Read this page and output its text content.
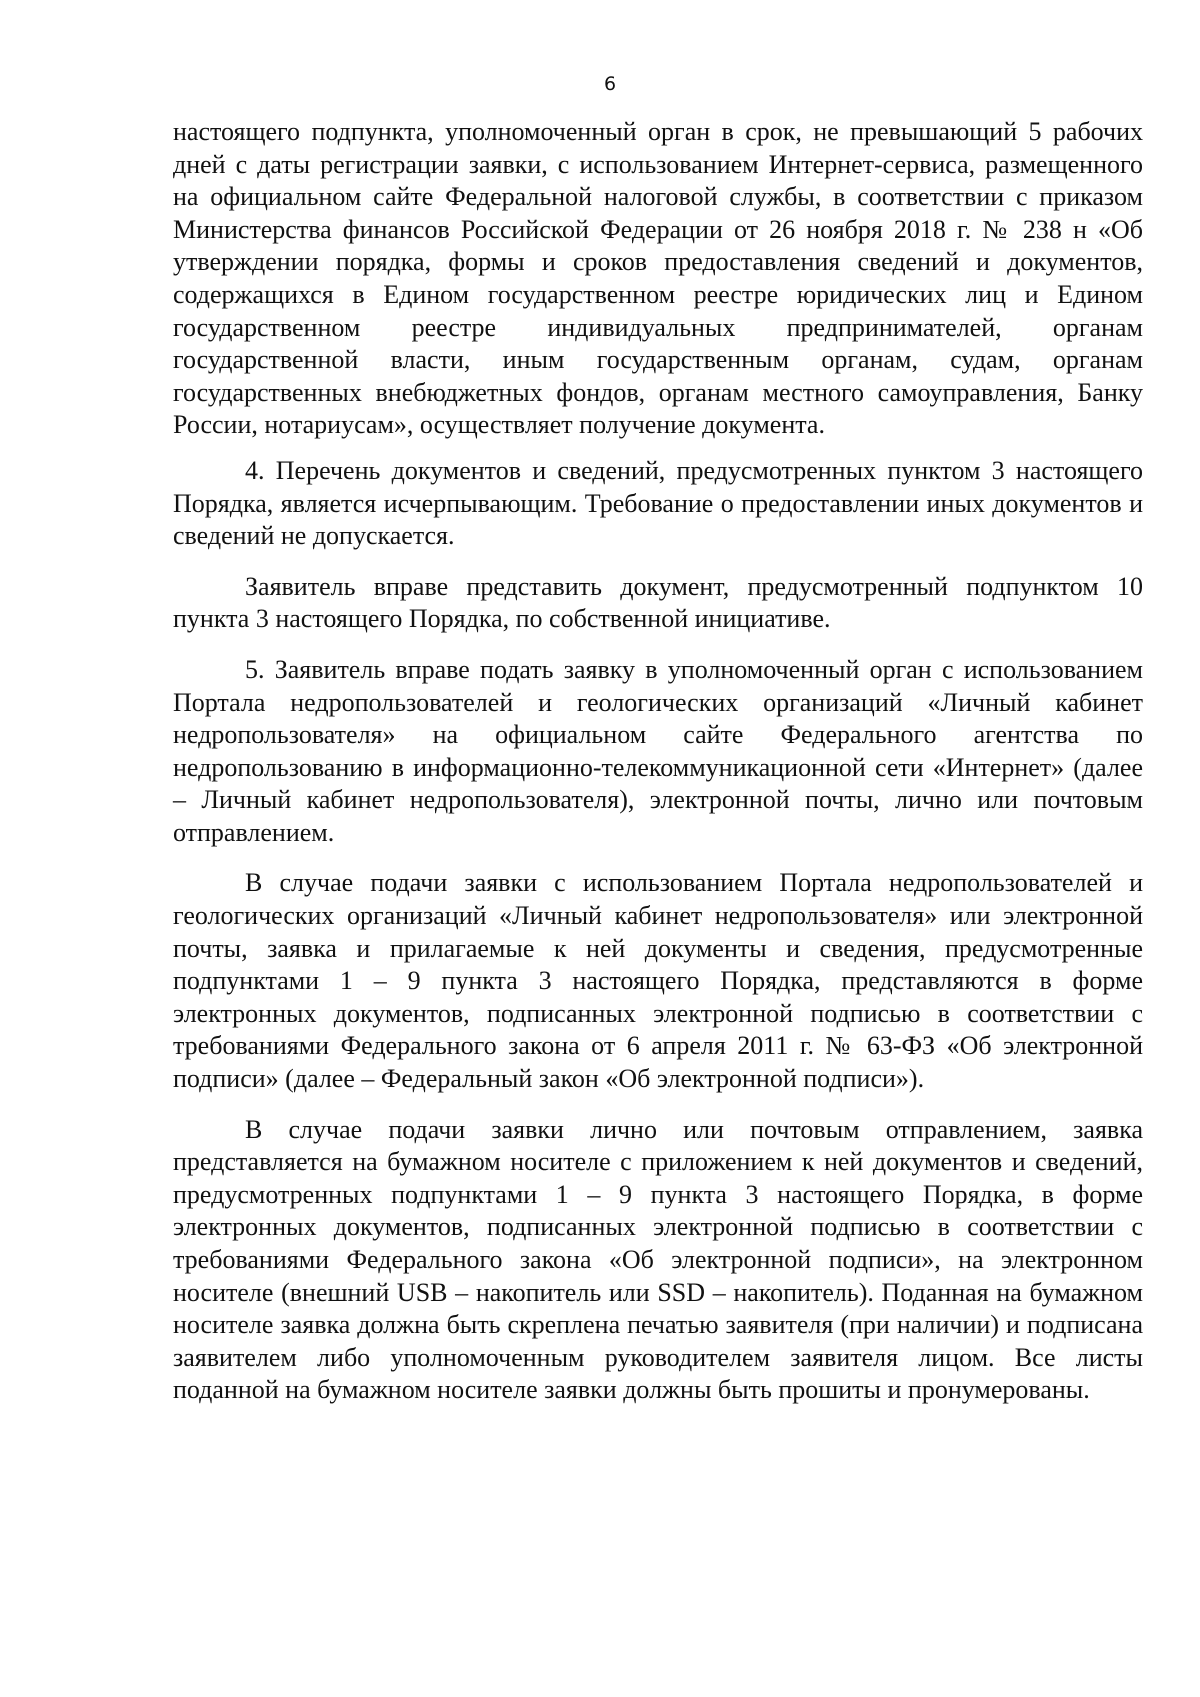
6

настоящего подпункта, уполномоченный орган в срок, не превышающий 5 рабочих дней с даты регистрации заявки, с использованием Интернет-сервиса, размещенного на официальном сайте Федеральной налоговой службы, в соответствии с приказом Министерства финансов Российской Федерации от 26 ноября 2018 г. № 238 н «Об утверждении порядка, формы и сроков предоставления сведений и документов, содержащихся в Едином государственном реестре юридических лиц и Едином государственном реестре индивидуальных предпринимателей, органам государственной власти, иным государственным органам, судам, органам государственных внебюджетных фондов, органам местного самоуправления, Банку России, нотариусам», осуществляет получение документа.

4. Перечень документов и сведений, предусмотренных пунктом 3 настоящего Порядка, является исчерпывающим. Требование о предоставлении иных документов и сведений не допускается.

Заявитель вправе представить документ, предусмотренный подпунктом 10 пункта 3 настоящего Порядка, по собственной инициативе.

5. Заявитель вправе подать заявку в уполномоченный орган с использованием Портала недропользователей и геологических организаций «Личный кабинет недропользователя» на официальном сайте Федерального агентства по недропользованию в информационно-телекоммуникационной сети «Интернет» (далее – Личный кабинет недропользователя), электронной почты, лично или почтовым отправлением.

В случае подачи заявки с использованием Портала недропользователей и геологических организаций «Личный кабинет недропользователя» или электронной почты, заявка и прилагаемые к ней документы и сведения, предусмотренные подпунктами 1 – 9 пункта 3 настоящего Порядка, представляются в форме электронных документов, подписанных электронной подписью в соответствии с требованиями Федерального закона от 6 апреля 2011 г. № 63-ФЗ «Об электронной подписи» (далее – Федеральный закон «Об электронной подписи»).

В случае подачи заявки лично или почтовым отправлением, заявка представляется на бумажном носителе с приложением к ней документов и сведений, предусмотренных подпунктами 1 – 9 пункта 3 настоящего Порядка, в форме электронных документов, подписанных электронной подписью в соответствии с требованиями Федерального закона «Об электронной подписи», на электронном носителе (внешний USB – накопитель или SSD – накопитель). Поданная на бумажном носителе заявка должна быть скреплена печатью заявителя (при наличии) и подписана заявителем либо уполномоченным руководителем заявителя лицом. Все листы поданной на бумажном носителе заявки должны быть прошиты и пронумерованы.
